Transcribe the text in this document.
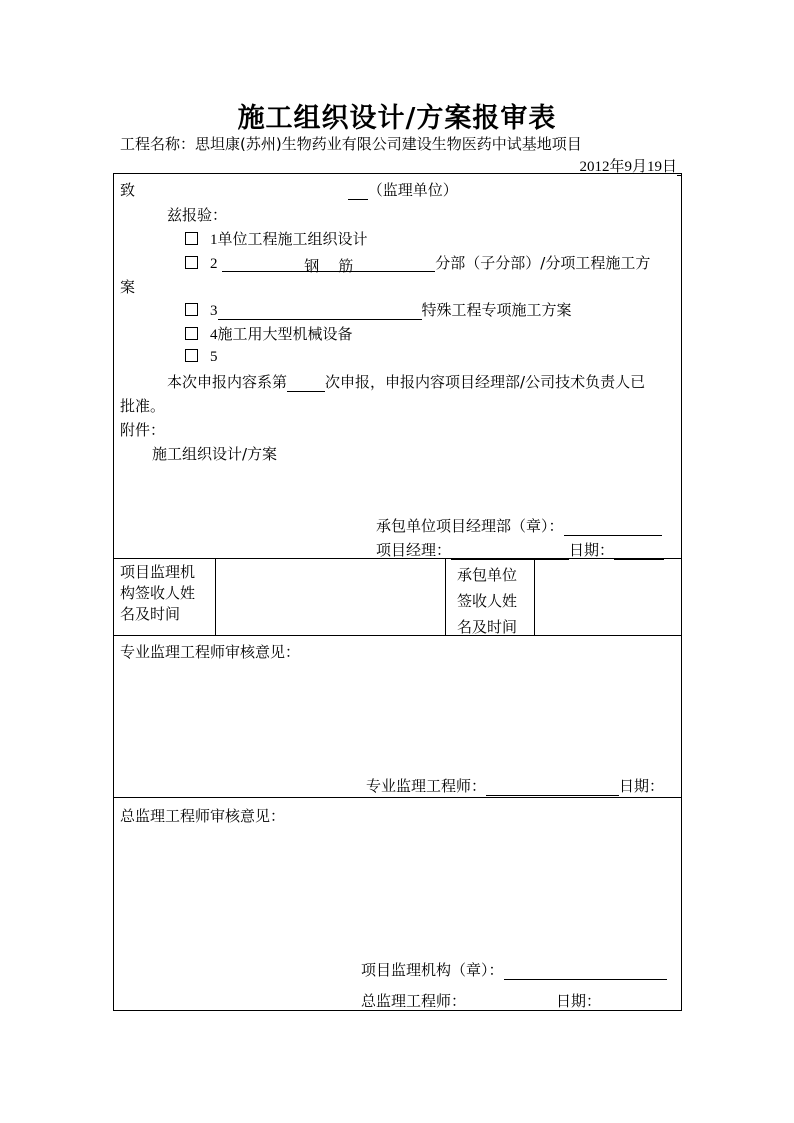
施工组织设计/方案报审表
工程名称：思坦康(苏州)生物药业有限公司建设生物医药中试基地项目
2012年9月19日
致	（监理单位）
兹报验：
1单位工程施工组织设计
2	钢    筋	分部（子分部）/分项工程施工方
案
3	特殊工程专项施工方案
4施工用大型机械设备
5
本次申报内容系第	次申报，申报内容项目经理部/公司技术负责人已
批准。
附件：
施工组织设计/方案
承包单位项目经理部（章）：
项目经理：	日期：
项目监理机
构签收人姓
名及时间
承包单位
签收人姓
名及时间
专业监理工程师审核意见：
专业监理工程师：	日期：
总监理工程师审核意见：
项目监理机构（章）：
总监理工程师：	日期：
